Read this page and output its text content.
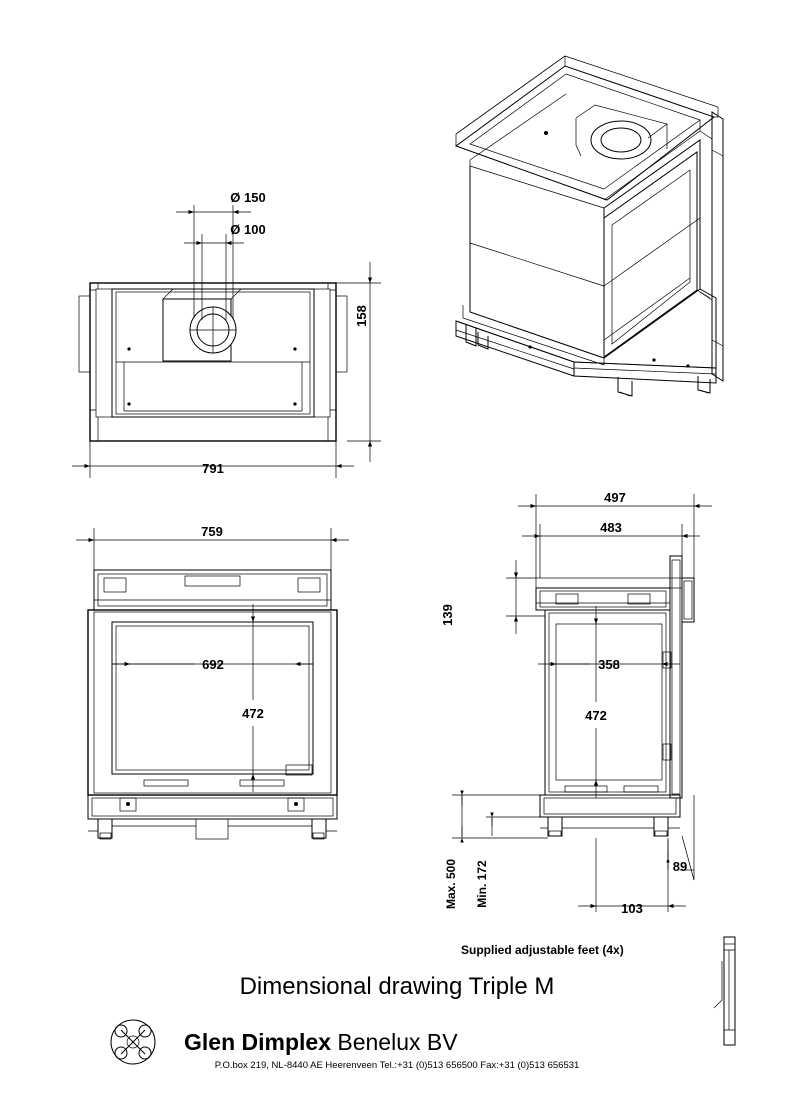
Ø 150
Ø 100
158
791
759
692
472
497
483
139
358
472
Max. 500 Min. 172	89
103
Supplied adjustable feet (4x)
Dimensional drawing Triple M
Glen Dimplex Benelux BV
P.O.box 219, NL-8440 AE Heerenveen Tel.:+31 (0)513 656500 Fax:+31 (0)513 656531
